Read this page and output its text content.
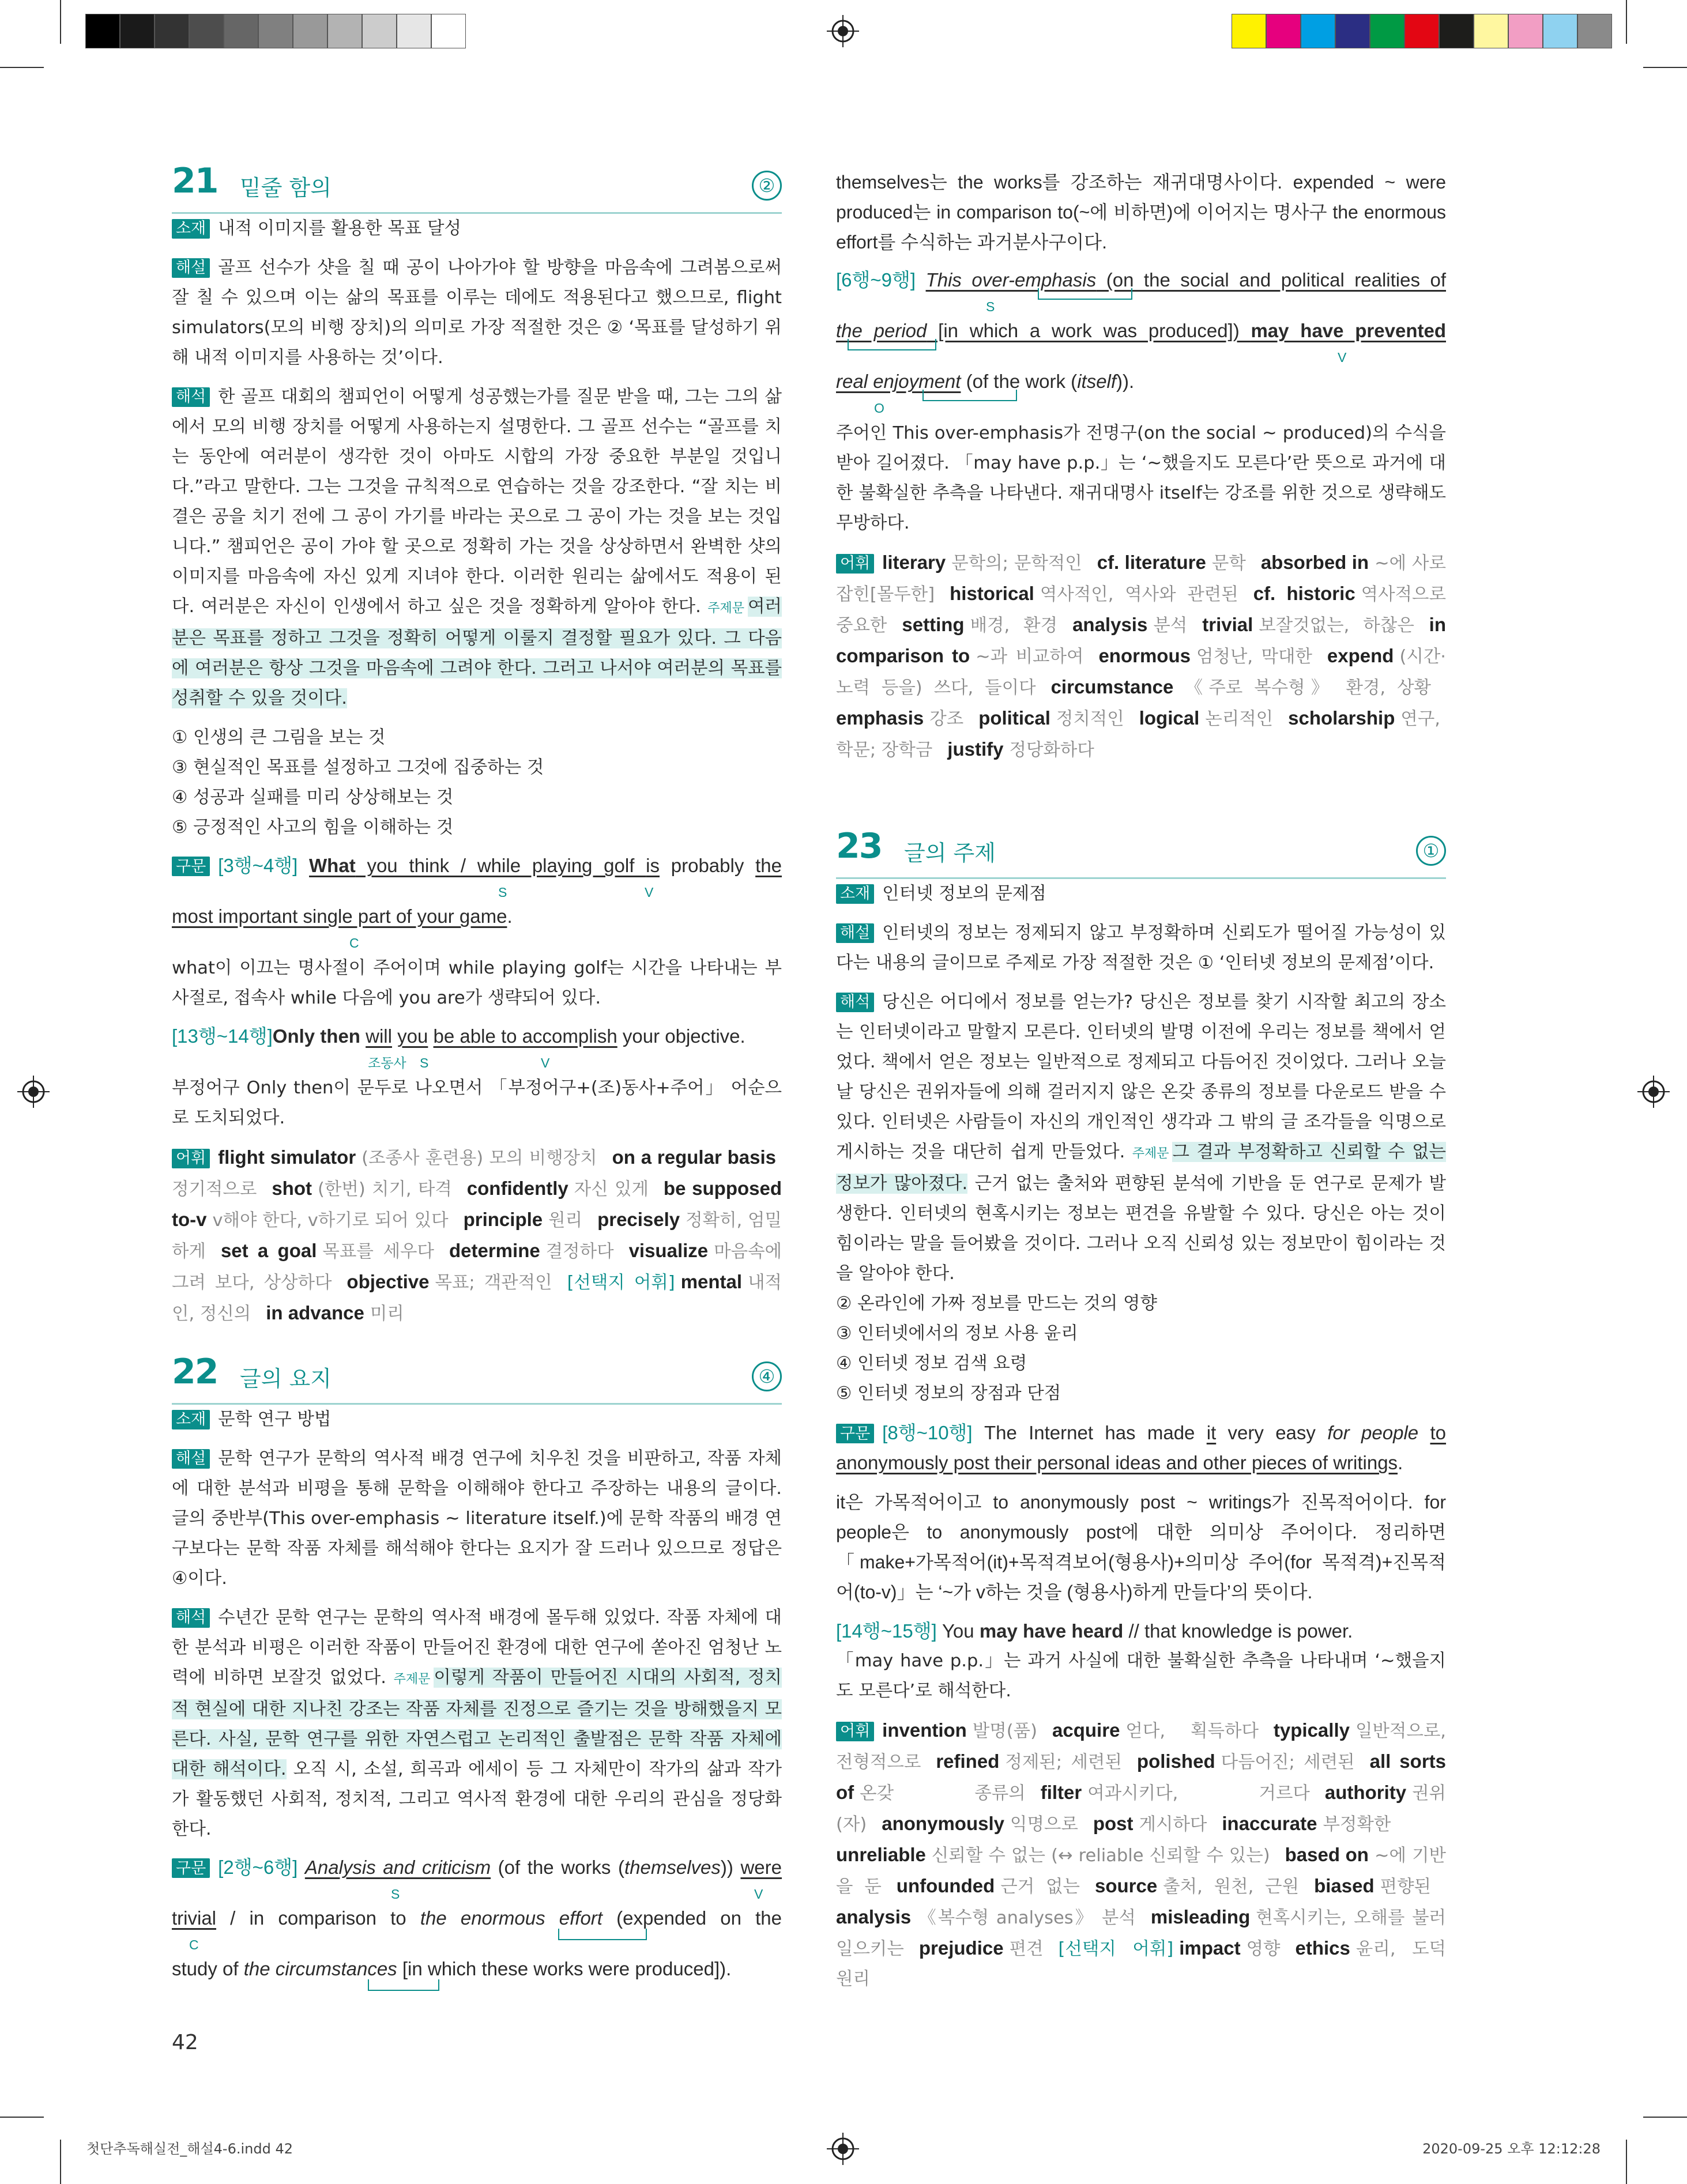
21 밑줄 함의	②

소재 내적 이미지를 활용한 목표 달성

해설 골프 선수가 샷을 칠 때 공이 나아가야 할 방향을 마음속에 그려봄으로써 잘 칠 수 있으며 이는 삶의 목표를 이루는 데에도 적용된다고 했으므로, flight simulators(모의 비행 장치)의 의미로 가장 적절한 것은 ② ‘목표를 달성하기 위해 내적 이미지를 사용하는 것’이다.

해석 한 골프 대회의 챔피언이 어떻게 성공했는가를 질문 받을 때, 그는 그의 삶에서 모의 비행 장치를 어떻게 사용하는지 설명한다. 그 골프 선수는 “골프를 치는 동안에 여러분이 생각한 것이 아마도 시합의 가장 중요한 부분일 것입니다.”라고 말한다. 그는 그것을 규칙적으로 연습하는 것을 강조한다. “잘 치는 비결은 공을 치기 전에 그 공이 가기를 바라는 곳으로 그 공이 가는 것을 보는 것입니다.” 챔피언은 공이 가야 할 곳으로 정확히 가는 것을 상상하면서 완벽한 샷의 이미지를 마음속에 자신 있게 지녀야 한다. 이러한 원리는 삶에서도 적용이 된다. 여러분은 자신이 인생에서 하고 싶은 것을 정확하게 알아야 한다. 주제문 여러분은 목표를 정하고 그것을 정확히 어떻게 이룰지 결정할 필요가 있다. 그 다음에 여러분은 항상 그것을 마음속에 그려야 한다. 그러고 나서야 여러분의 목표를 성취할 수 있을 것이다.

① 인생의 큰 그림을 보는 것

③ 현실적인 목표를 설정하고 그것에 집중하는 것

④ 성공과 실패를 미리 상상해보는 것

⑤ 긍정적인 사고의 힘을 이해하는 것

구문 [3행~4행] What you think / while playing golf is probably the

S	V

most important single part of your game.

C

what이 이끄는 명사절이 주어이며 while playing golf는 시간을 나타내는 부사절로, 접속사 while 다음에 you are가 생략되어 있다.

[13행~14행]Only then will you be able to accomplish your objective.

조동사 S	V

부정어구 Only then이 문두로 나오면서 「부정어구+(조)동사+주어」 어순으로 도치되었다.

어휘 flight simulator (조종사 훈련용) 모의 비행장치 on a regular basis정기적으로 shot (한번) 치기, 타격 confidently 자신 있게 be supposed to-v v해야 한다, v하기로 되어 있다 principle 원리 precisely 정확히, 엄밀하게 set a goal 목표를 세우다 determine 결정하다 visualize 마음속에 그려 보다, 상상하다 objective 목표; 객관적인 [선택지 어휘] mental 내적인, 정신의 in advance 미리

22 글의 요지	④

소재 문학 연구 방법

해설 문학 연구가 문학의 역사적 배경 연구에 치우친 것을 비판하고, 작품 자체에 대한 분석과 비평을 통해 문학을 이해해야 한다고 주장하는 내용의 글이다. 글의 중반부(This over-emphasis ~ literature itself.)에 문학 작품의 배경 연구보다는 문학 작품 자체를 해석해야 한다는 요지가 잘 드러나 있으므로 정답은 ④이다.

해석 수년간 문학 연구는 문학의 역사적 배경에 몰두해 있었다. 작품 자체에 대한 분석과 비평은 이러한 작품이 만들어진 환경에 대한 연구에 쏟아진 엄청난 노력에 비하면 보잘것 없었다. 주제문 이렇게 작품이 만들어진 시대의 사회적, 정치적 현실에 대한 지나친 강조는 작품 자체를 진정으로 즐기는 것을 방해했을지 모른다. 사실, 문학 연구를 위한 자연스럽고 논리적인 출발점은 문학 작품 자체에 대한 해석이다. 오직 시, 소설, 희곡과 에세이 등 그 자체만이 작가의 삶과 작가가 활동했던 사회적, 정치적, 그리고 역사적 환경에 대한 우리의 관심을 정당화한다.

구문 [2행~6행] Analysis and criticism (of the works (themselves)) were

S	V

trivial / in comparison to the enormous effort (expended on the

C

study of the circumstances [in which these works were produced]).

42

themselves는 the works를 강조하는 재귀대명사이다. expended ~ were produced는 in comparison to(~에 비하면)에 이어지는 명사구 the enormous effort를 수식하는 과거분사구이다.

[6행~9행] This over-emphasis (on the social and political realities of

S

the period [in which a work was produced]) may have prevented

V

real enjoyment (of the work (itself)).

O

주어인 This over-emphasis가 전명구(on the social ~ produced)의 수식을 받아 길어졌다. 「may have p.p.」는 ‘~했을지도 모른다’란 뜻으로 과거에 대한 불확실한 추측을 나타낸다. 재귀대명사 itself는 강조를 위한 것으로 생략해도 무방하다.

어휘 literary 문학의; 문학적인 cf. literature 문학 absorbed in ~에 사로잡힌[몰두한] historical 역사적인, 역사와 관련된 cf. historic 역사적으로 중요한 setting 배경, 환경 analysis 분석 trivial 보잘것없는, 하찮은 in comparison to ~과 비교하여 enormous 엄청난, 막대한 expend (시간·노력 등을) 쓰다, 들이다 circumstance 《주로 복수형》 환경, 상황emphasis 강조 political 정치적인 logical 논리적인 scholarship 연구, 학문; 장학금 justify 정당화하다

23 글의 주제	①

소재 인터넷 정보의 문제점

해설 인터넷의 정보는 정제되지 않고 부정확하며 신뢰도가 떨어질 가능성이 있다는 내용의 글이므로 주제로 가장 적절한 것은 ① ‘인터넷 정보의 문제점’이다.

해석 당신은 어디에서 정보를 얻는가? 당신은 정보를 찾기 시작할 최고의 장소는 인터넷이라고 말할지 모른다. 인터넷의 발명 이전에 우리는 정보를 책에서 얻었다. 책에서 얻은 정보는 일반적으로 정제되고 다듬어진 것이었다. 그러나 오늘날 당신은 권위자들에 의해 걸러지지 않은 온갖 종류의 정보를 다운로드 받을 수 있다. 인터넷은 사람들이 자신의 개인적인 생각과 그 밖의 글 조각들을 익명으로 게시하는 것을 대단히 쉽게 만들었다. 주제문 그 결과 부정확하고 신뢰할 수 없는 정보가 많아졌다. 근거 없는 출처와 편향된 분석에 기반을 둔 연구로 문제가 발생한다. 인터넷의 현혹시키는 정보는 편견을 유발할 수 있다. 당신은 아는 것이 힘이라는 말을 들어봤을 것이다. 그러나 오직 신뢰성 있는 정보만이 힘이라는 것을 알아야 한다.

② 온라인에 가짜 정보를 만드는 것의 영향

③ 인터넷에서의 정보 사용 윤리

④ 인터넷 정보 검색 요령

⑤ 인터넷 정보의 장점과 단점

구문 [8행~10행] The Internet has made it very easy for people to anonymously post their personal ideas and other pieces of writings.

it은 가목적어이고 to anonymously post ~ writings가 진목적어이다. for people은 to anonymously post에 대한 의미상 주어이다. 정리하면 「make+가목적어(it)+목적격보어(형용사)+의미상 주어(for 목적격)+진목적어(to-v)」는 ‘~가 v하는 것을 (형용사)하게 만들다’의 뜻이다.

[14행~15행] You may have heard // that knowledge is power.

「may have p.p.」는 과거 사실에 대한 불확실한 추측을 나타내며 ‘~했을지도 모른다’로 해석한다.

어휘 invention 발명(품) acquire 얻다, 획득하다 typically 일반적으로, 전형적으로 refined 정제된; 세련된 polished 다듬어진; 세련된 all sorts of 온갖 종류의 filter 여과시키다, 거르다 authority 권위(자) anonymously 익명으로 post 게시하다 inaccurate 부정확한unreliable 신뢰할 수 없는 (↔ reliable 신뢰할 수 있는) based on ~에 기반을 둔 unfounded 근거 없는 source 출처, 원천, 근원 biased 편향된analysis 《복수형 analyses》 분석 misleading 현혹시키는, 오해를 불러일으키는 prejudice 편견 [선택지 어휘] impact 영향 ethics 윤리, 도덕 원리

첫단추독해실전_해설4-6.indd 42	2020-09-25 오후 12:12:28
